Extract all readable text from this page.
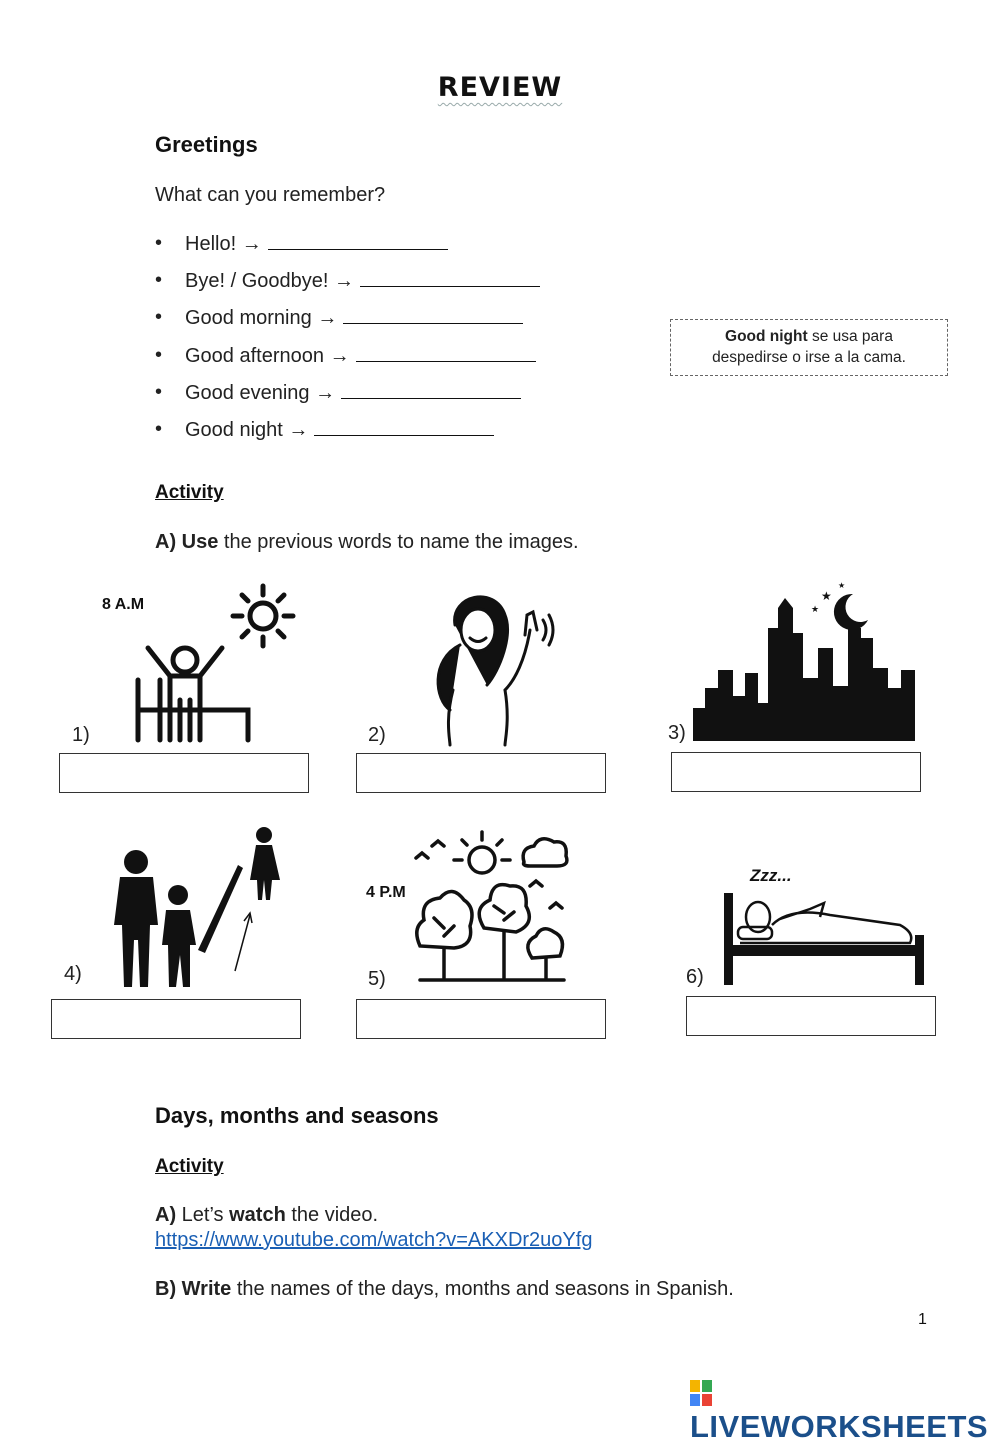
REVIEW
Greetings
What can you remember?
• Hello! →
• Bye! / Goodbye! →
• Good morning →
• Good afternoon →
• Good evening →
• Good night →
Good night se usa para
despedirse o irse a la cama.
Activity
A) Use the previous words to name the images.
8 A.M
1)	2)
★
★
★
3)
4)
4 P.M
5)
Zzz...
6)
Days, months and seasons
Activity
A) Let’s watch the video.
https://www.youtube.com/watch?v=AKXDr2uoYfg
B) Write the names of the days, months and seasons in Spanish.
1
LIVEWORKSHEETS
